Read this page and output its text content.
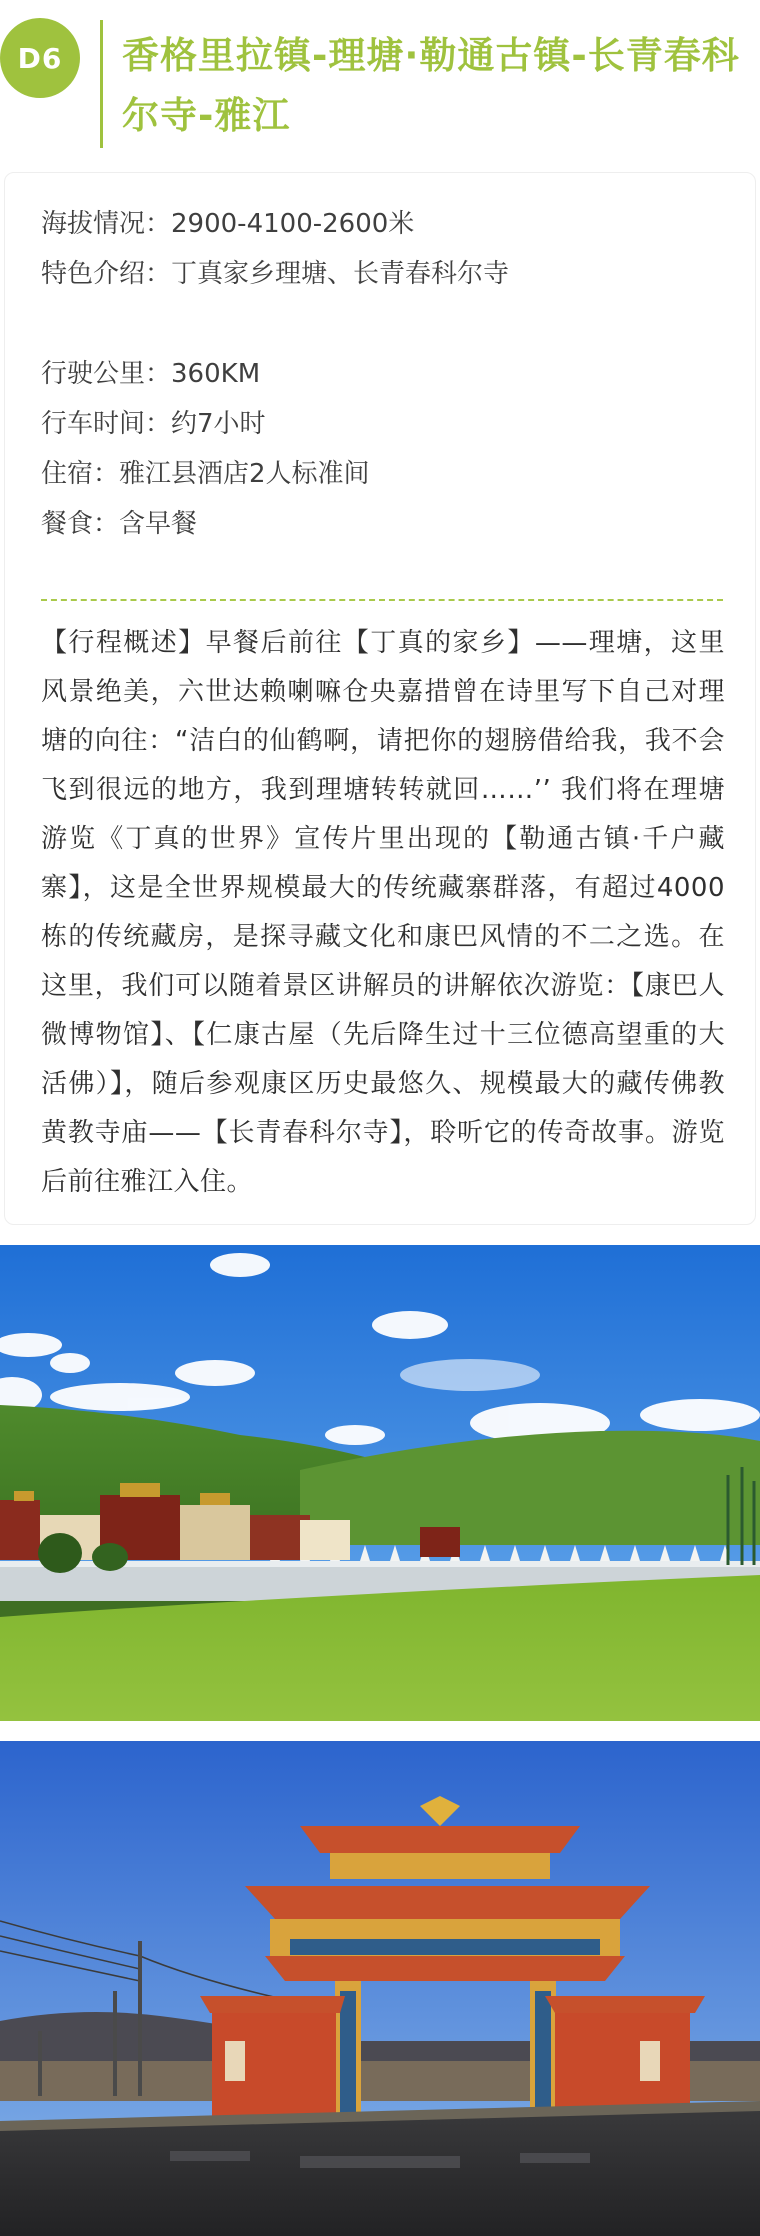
D6	香格里拉镇-理塘·勒通古镇-长青春科尔寺-雅江
海拔情况：2900-4100-2600米
特色介绍：丁真家乡理塘、长青春科尔寺
行驶公里：360KM
行车时间：约7小时
住宿：雅江县酒店2人标准间
餐食：含早餐
【行程概述】早餐后前往【丁真的家乡】——理塘，这里风景绝美，六世达赖喇嘛仓央嘉措曾在诗里写下自己对理塘的向往：“洁白的仙鹤啊，请把你的翅膀借给我，我不会飞到很远的地方，我到理塘转转就回……’’ 我们将在理塘游览《丁真的世界》宣传片里出现的【勒通古镇·千户藏寨】，这是全世界规模最大的传统藏寨群落，有超过4000栋的传统藏房，是探寻藏文化和康巴风情的不二之选。在这里，我们可以随着景区讲解员的讲解依次游览：【康巴人微博物馆】、【仁康古屋（先后降生过十三位德高望重的大活佛）】，随后参观康区历史最悠久、规模最大的藏传佛教黄教寺庙——【长青春科尔寺】，聆听它的传奇故事。游览后前往雅江入住。
